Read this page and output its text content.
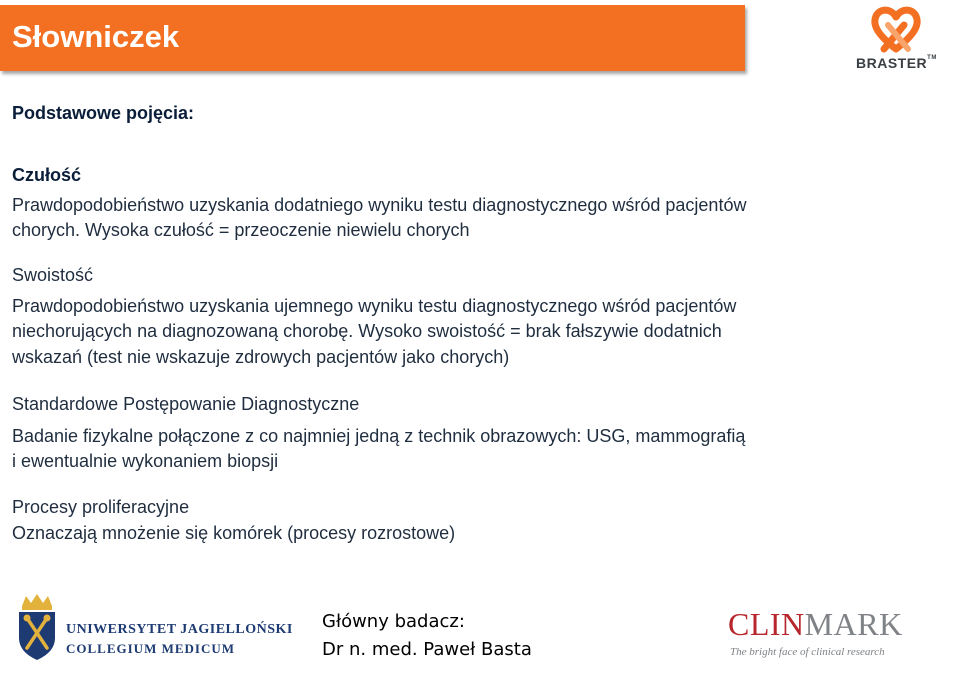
Słowniczek
BRASTER™

Podstawowe pojęcia:

Czułość

Prawdopodobieństwo uzyskania dodatniego wyniku testu diagnostycznego wśród pacjentów

chorych. Wysoka czułość = przeoczenie niewielu chorych

Swoistość

Prawdopodobieństwo uzyskania ujemnego wyniku testu diagnostycznego wśród pacjentów

niechorujących na diagnozowaną chorobę. Wysoko swoistość = brak fałszywie dodatnich

wskazań (test nie wskazuje zdrowych pacjentów jako chorych)

Standardowe Postępowanie Diagnostyczne

Badanie fizykalne połączone z co najmniej jedną z technik obrazowych: USG, mammografią

i ewentualnie wykonaniem biopsji

Procesy proliferacyjne

Oznaczają mnożenie się komórek (procesy rozrostowe)

UNIWERSYTET JAGIELLOŃSKI
COLLEGIUM MEDICUM
Główny badacz:
Dr n. med. Paweł Basta
CLINMARK
The bright face of clinical research
